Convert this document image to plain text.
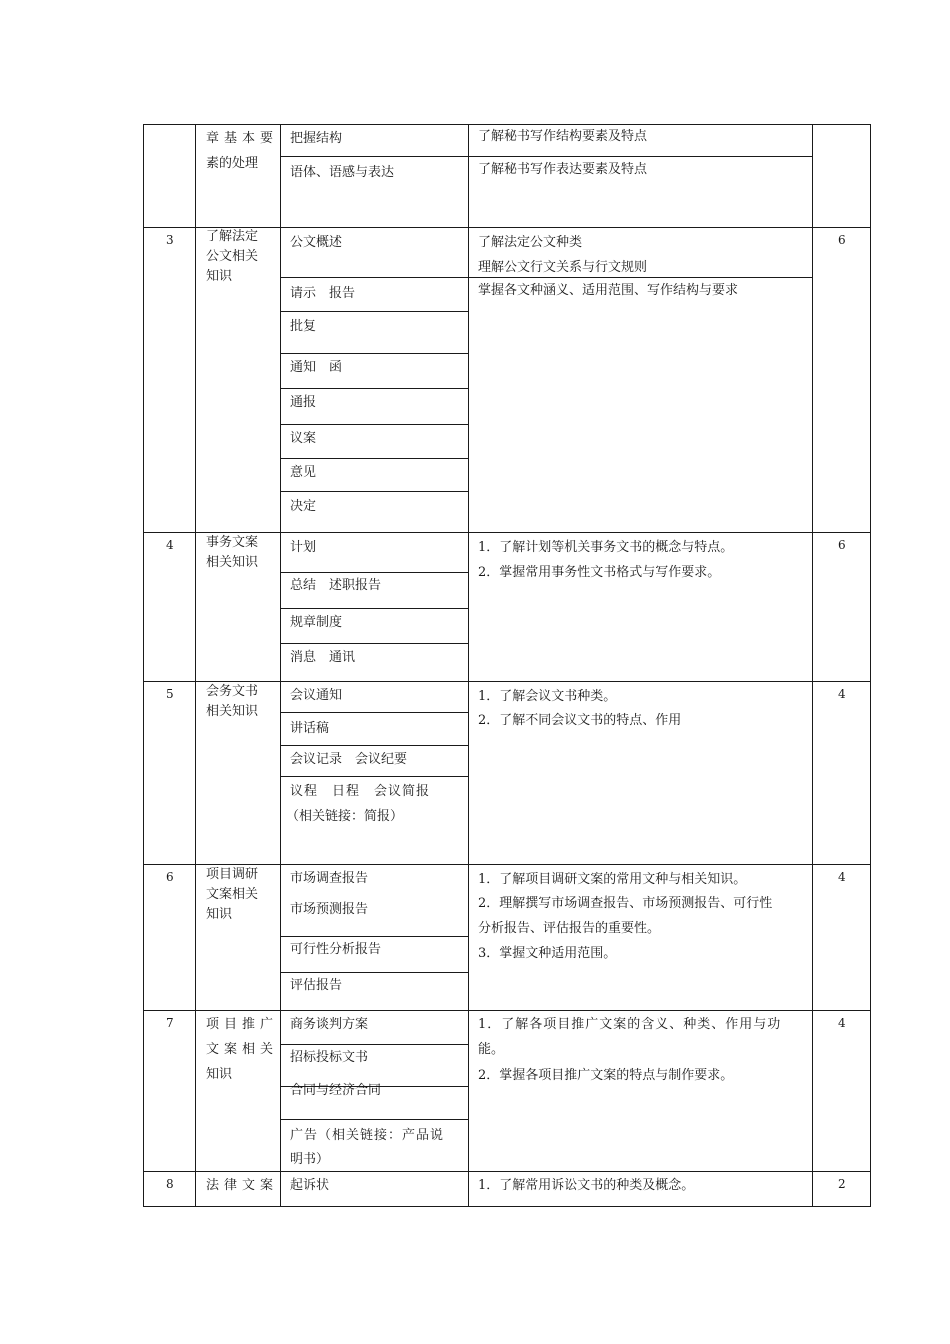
章基本要
素的处理
把握结构
语体、语感与表达
了解秘书写作结构要素及特点
了解秘书写作表达要素及特点
3 了解法定
公文相关
知识
公文概述
请示　报告
批复
通知　函
通报
议案
意见
决定
了解法定公文种类
理解公文行文关系与行文规则
掌握各文种涵义、适用范围、写作结构与要求
6
4 事务文案
相关知识
计划
总结　述职报告
规章制度
消息　通讯
1．了解计划等机关事务文书的概念与特点。
2．掌握常用事务性文书格式与写作要求。
6
5 会务文书
相关知识
会议通知
讲话稿
会议记录　会议纪要
议程　日程　会议简报
（相关链接：简报）
1．了解会议文书种类。
2．了解不同会议文书的特点、作用
4
6 项目调研
文案相关
知识
市场调查报告
市场预测报告
可行性分析报告
评估报告
1．了解项目调研文案的常用文种与相关知识。
2．理解撰写市场调查报告、市场预测报告、可行性
分析报告、评估报告的重要性。
3．掌握文种适用范围。
4
7 项目推广
文案相关
知识
商务谈判方案
招标投标文书
合同与经济合同
广告（相关链接：产品说
明书）
1．了解各项目推广文案的含义、种类、作用与功
能。
2．掌握各项目推广文案的特点与制作要求。
4
8 法律文案 起诉状	1．了解常用诉讼文书的种类及概念。	2
